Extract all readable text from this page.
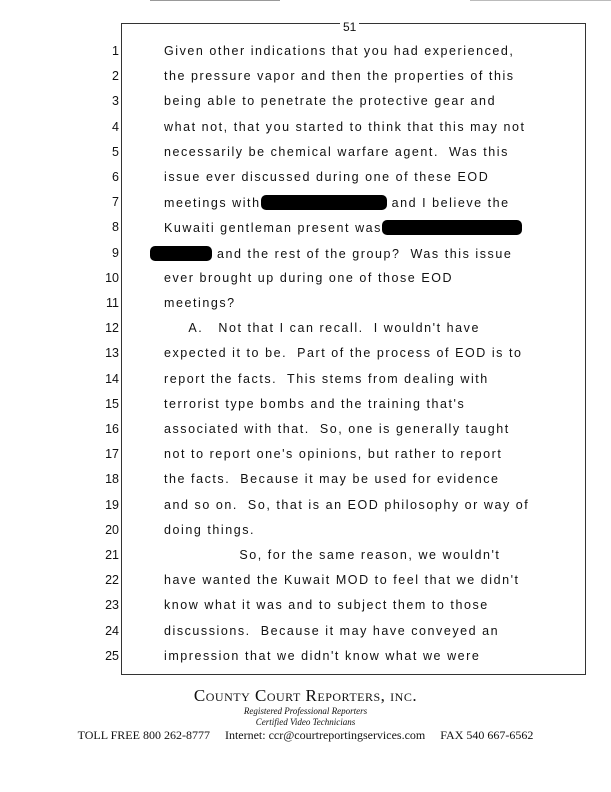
51
1	Given other indications that you had experienced,
2	the pressure vapor and then the properties of this
3	being able to penetrate the protective gear and
4	what not, that you started to think that this may not
5	necessarily be chemical warfare agent.  Was this
6	issue ever discussed during one of these EOD
7	meetings with	and I believe the
8	Kuwaiti gentleman present was
9	and the rest of the group?  Was this issue
10	ever brought up during one of those EOD
11	meetings?
12	A.   Not that I can recall.  I wouldn't have
13	expected it to be.  Part of the process of EOD is to
14	report the facts.  This stems from dealing with
15	terrorist type bombs and the training that's
16	associated with that.  So, one is generally taught
17	not to report one's opinions, but rather to report
18	the facts.  Because it may be used for evidence
19	and so on.  So, that is an EOD philosophy or way of
20	doing things.
21	So, for the same reason, we wouldn't
22	have wanted the Kuwait MOD to feel that we didn't
23	know what it was and to subject them to those
24	discussions.  Because it may have conveyed an
25	impression that we didn't know what we were
County Court Reporters, inc.
Registered Professional Reporters
Certified Video Technicians
TOLL FREE 800 262-8777 Internet: ccr@courtreportingservices.com FAX 540 667-6562
